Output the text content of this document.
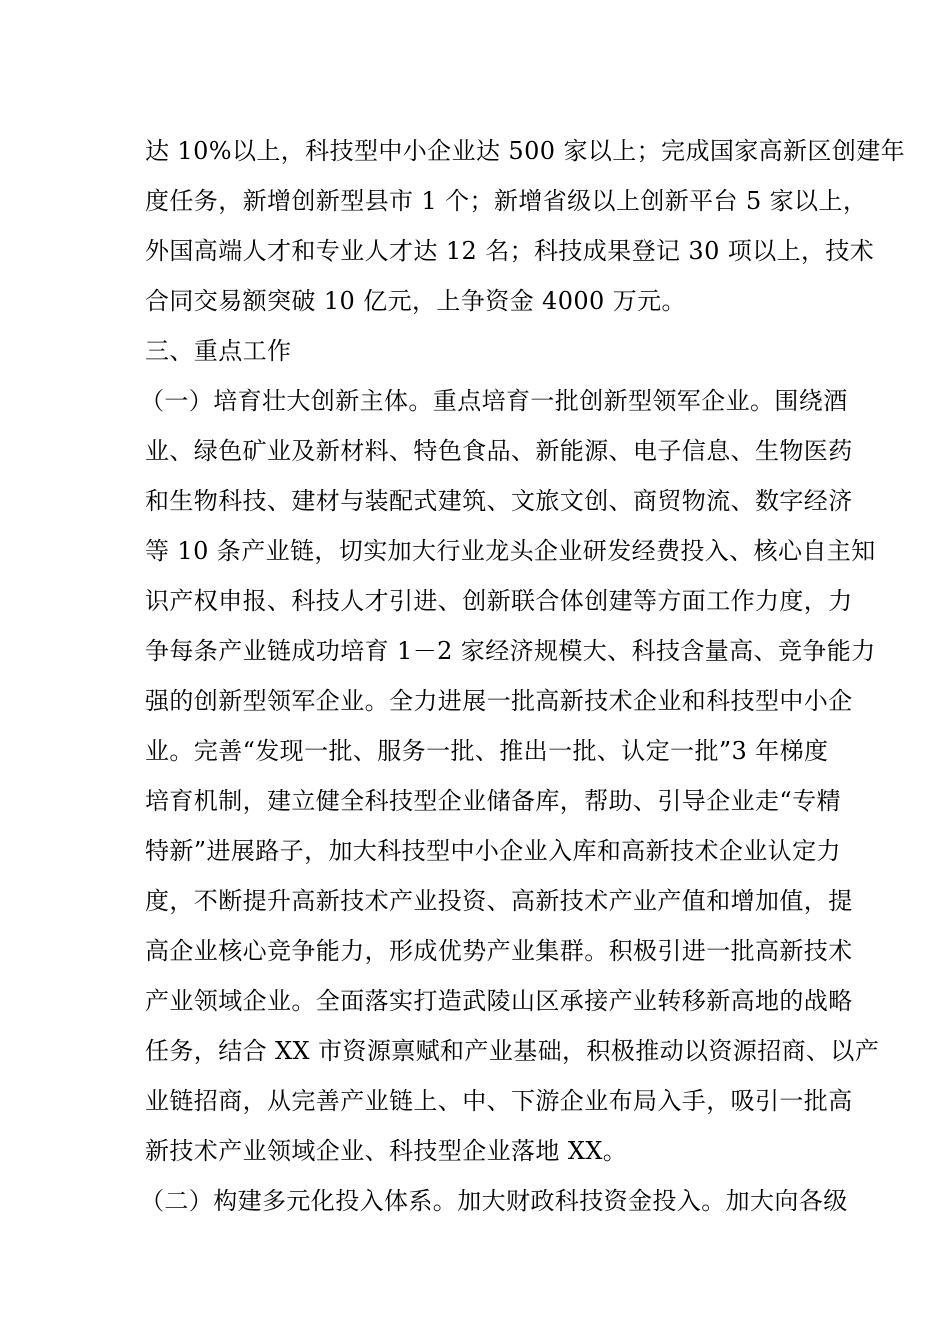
达 10%以上，科技型中小企业达 500 家以上；完成国家高新区创建年
度任务，新增创新型县市 1 个；新增省级以上创新平台 5 家以上，
外国高端人才和专业人才达 12 名；科技成果登记 30 项以上，技术
合同交易额突破 10 亿元，上争资金 4000 万元。
三、重点工作
（一）培育壮大创新主体。重点培育一批创新型领军企业。围绕酒
业、绿色矿业及新材料、特色食品、新能源、电子信息、生物医药
和生物科技、建材与装配式建筑、文旅文创、商贸物流、数字经济
等 10 条产业链，切实加大行业龙头企业研发经费投入、核心自主知
识产权申报、科技人才引进、创新联合体创建等方面工作力度，力
争每条产业链成功培育 1－2 家经济规模大、科技含量高、竞争能力
强的创新型领军企业。全力进展一批高新技术企业和科技型中小企
业。完善“发现一批、服务一批、推出一批、认定一批”3 年梯度
培育机制，建立健全科技型企业储备库，帮助、引导企业走“专精
特新”进展路子，加大科技型中小企业入库和高新技术企业认定力
度，不断提升高新技术产业投资、高新技术产业产值和增加值，提
高企业核心竞争能力，形成优势产业集群。积极引进一批高新技术
产业领域企业。全面落实打造武陵山区承接产业转移新高地的战略
任务，结合 XX 市资源禀赋和产业基础，积极推动以资源招商、以产
业链招商，从完善产业链上、中、下游企业布局入手，吸引一批高
新技术产业领域企业、科技型企业落地 XX。
（二）构建多元化投入体系。加大财政科技资金投入。加大向各级
